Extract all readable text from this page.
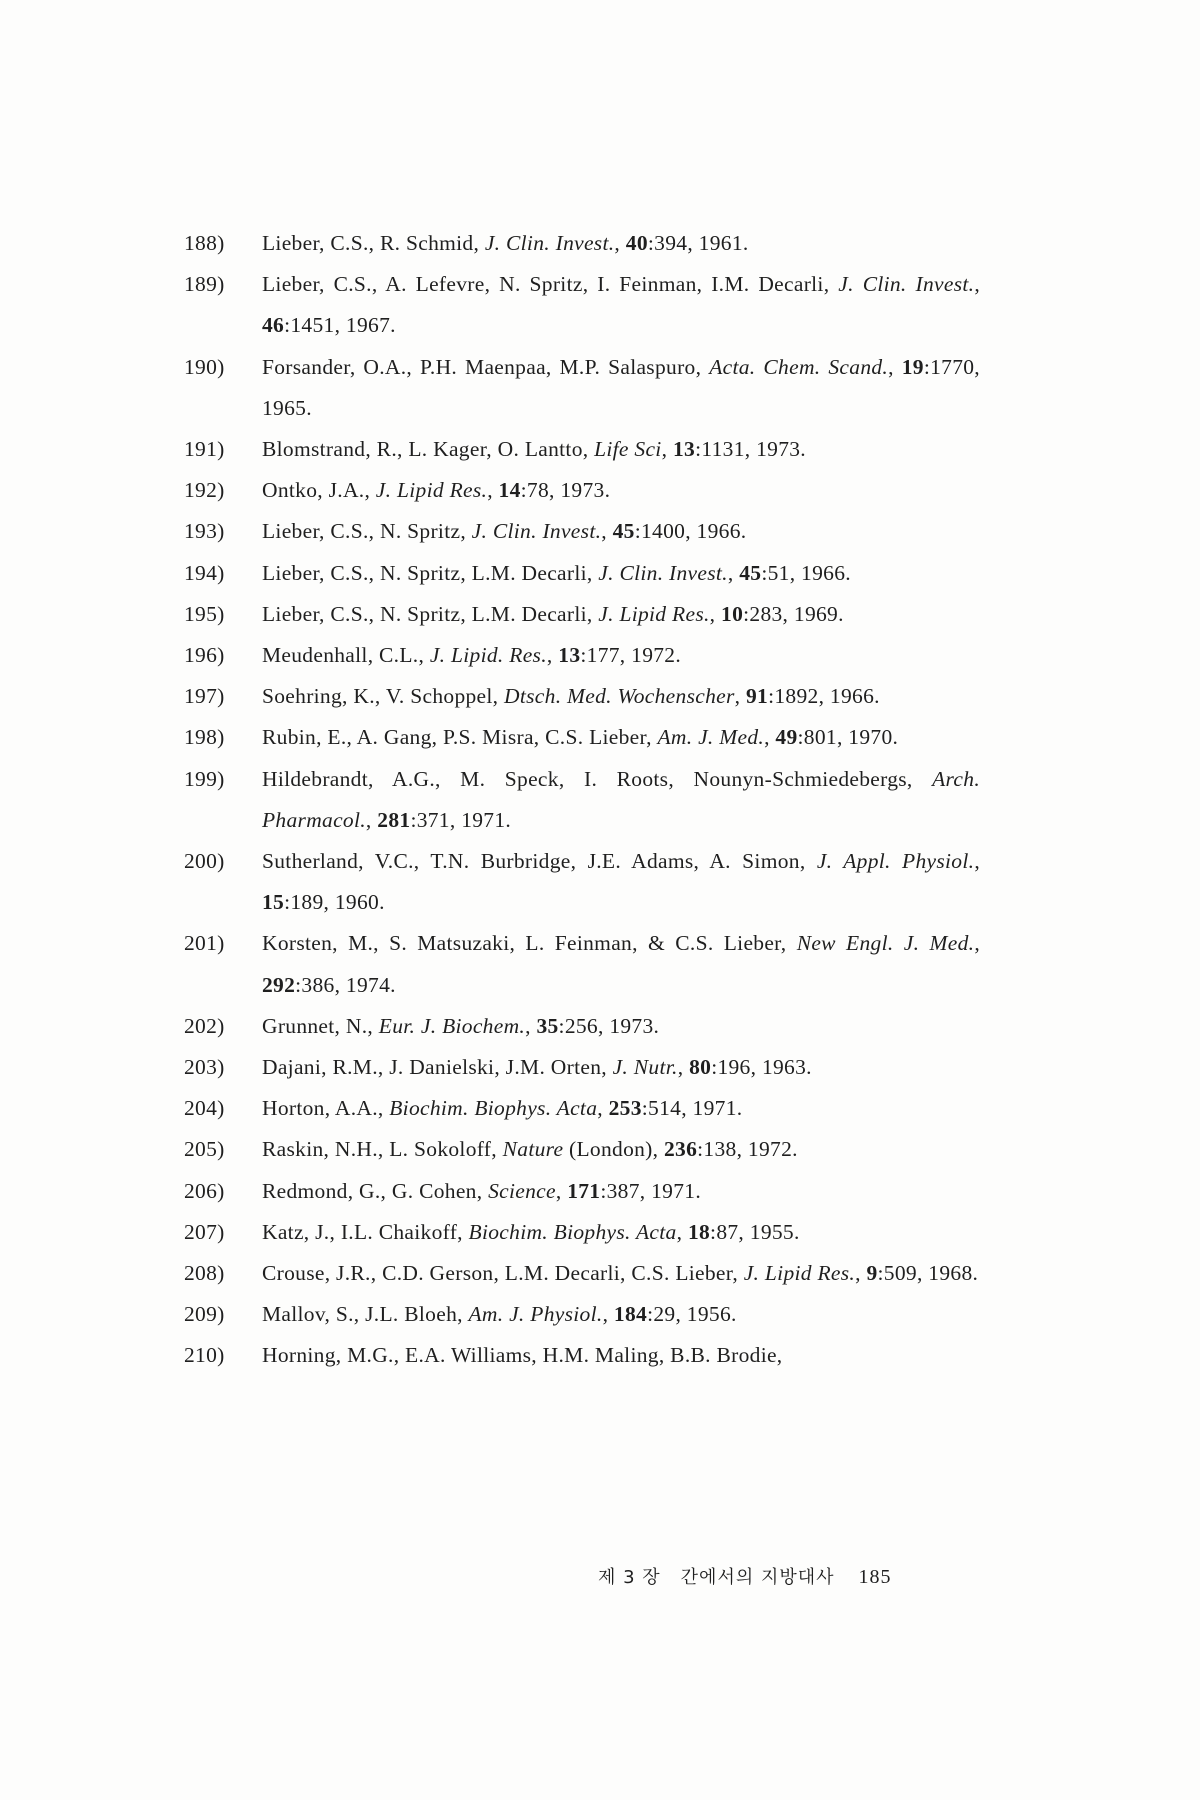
188)	Lieber, C.S., R. Schmid, J. Clin. Invest., 40:394, 1961.

189)	Lieber, C.S., A. Lefevre, N. Spritz, I. Feinman, I.M. Decarli, J. Clin. Invest., 46:1451, 1967.

190)	Forsander, O.A., P.H. Maenpaa, M.P. Salaspuro, Acta. Chem. Scand., 19:1770, 1965.

191)	Blomstrand, R., L. Kager, O. Lantto, Life Sci, 13:1131, 1973.

192)	Ontko, J.A., J. Lipid Res., 14:78, 1973.

193)	Lieber, C.S., N. Spritz, J. Clin. Invest., 45:1400, 1966.

194)	Lieber, C.S., N. Spritz, L.M. Decarli, J. Clin. Invest., 45:51, 1966.

195)	Lieber, C.S., N. Spritz, L.M. Decarli, J. Lipid Res., 10:283, 1969.

196)	Meudenhall, C.L., J. Lipid. Res., 13:177, 1972.

197)	Soehring, K., V. Schoppel, Dtsch. Med. Wochenscher, 91:1892, 1966.

198)	Rubin, E., A. Gang, P.S. Misra, C.S. Lieber, Am. J. Med., 49:801, 1970.

199)	Hildebrandt, A.G., M. Speck, I. Roots, Nounyn-Schmiedebergs, Arch. Pharmacol., 281:371, 1971.

200)	Sutherland, V.C., T.N. Burbridge, J.E. Adams, A. Simon, J. Appl. Physiol., 15:189, 1960.

201)	Korsten, M., S. Matsuzaki, L. Feinman, & C.S. Lieber, New Engl. J. Med., 292:386, 1974.

202)	Grunnet, N., Eur. J. Biochem., 35:256, 1973.

203)	Dajani, R.M., J. Danielski, J.M. Orten, J. Nutr., 80:196, 1963.

204)	Horton, A.A., Biochim. Biophys. Acta, 253:514, 1971.

205)	Raskin, N.H., L. Sokoloff, Nature (London), 236:138, 1972.

206)	Redmond, G., G. Cohen, Science, 171:387, 1971.

207)	Katz, J., I.L. Chaikoff, Biochim. Biophys. Acta, 18:87, 1955.

208)	Crouse, J.R., C.D. Gerson, L.M. Decarli, C.S. Lieber, J. Lipid Res., 9:509, 1968.

209)	Mallov, S., J.L. Bloeh, Am. J. Physiol., 184:29, 1956.

210)	Horning, M.G., E.A. Williams, H.M. Maling, B.B. Brodie,

제 3 장 간에서의 지방대사 185
